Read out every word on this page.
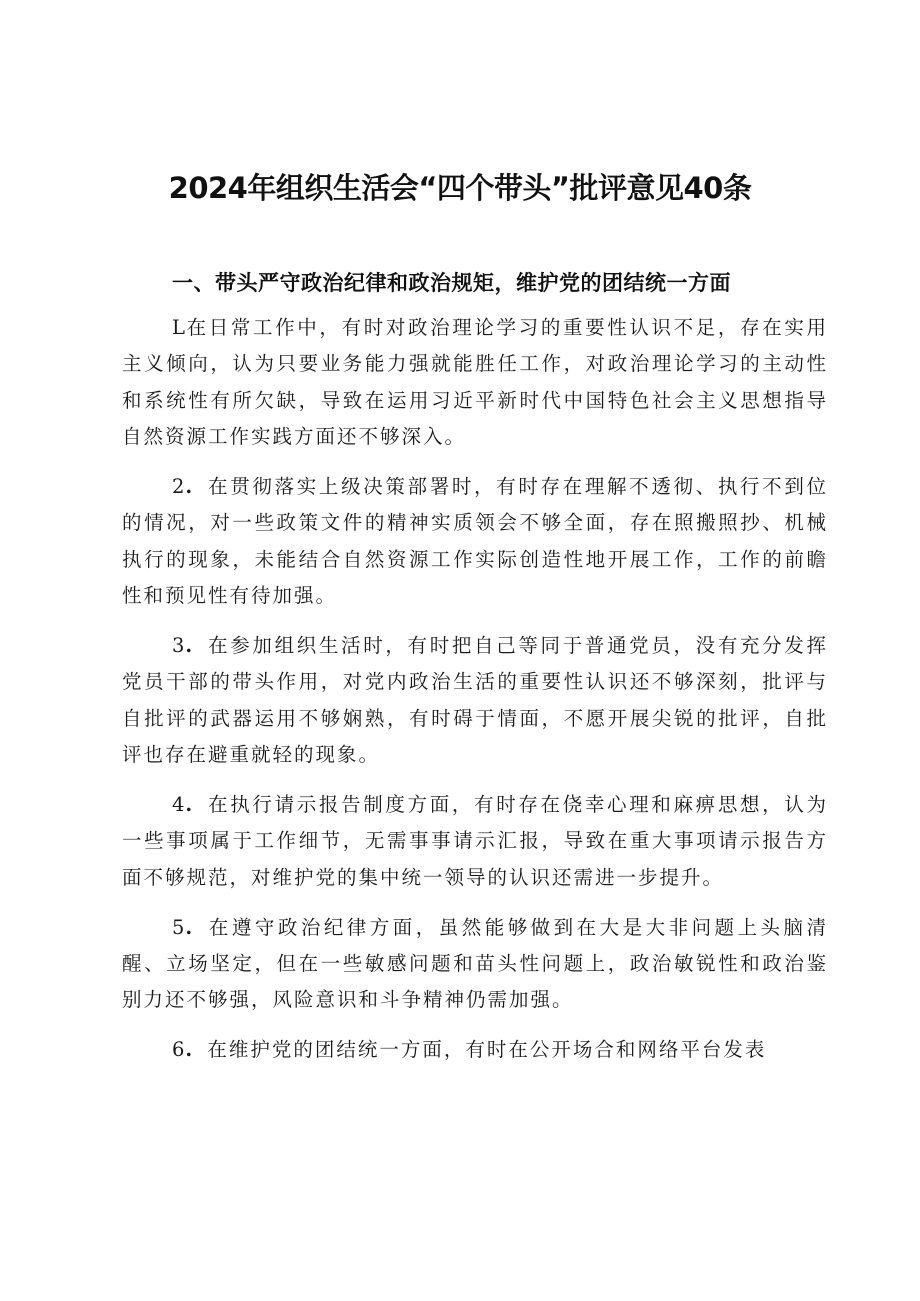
2024年组织生活会“四个带头”批评意见40条
一、带头严守政治纪律和政治规矩，维护党的团结统一方面

L在日常工作中，有时对政治理论学习的重要性认识不足，存在实用主义倾向，认为只要业务能力强就能胜任工作，对政治理论学习的主动性和系统性有所欠缺，导致在运用习近平新时代中国特色社会主义思想指导自然资源工作实践方面还不够深入。

2. 在贯彻落实上级决策部署时，有时存在理解不透彻、执行不到位的情况，对一些政策文件的精神实质领会不够全面，存在照搬照抄、机械执行的现象，未能结合自然资源工作实际创造性地开展工作，工作的前瞻性和预见性有待加强。

3. 在参加组织生活时，有时把自己等同于普通党员，没有充分发挥党员干部的带头作用，对党内政治生活的重要性认识还不够深刻，批评与自批评的武器运用不够娴熟，有时碍于情面，不愿开展尖锐的批评，自批评也存在避重就轻的现象。

4. 在执行请示报告制度方面，有时存在侥幸心理和麻痹思想，认为一些事项属于工作细节，无需事事请示汇报，导致在重大事项请示报告方面不够规范，对维护党的集中统一领导的认识还需进一步提升。

5. 在遵守政治纪律方面，虽然能够做到在大是大非问题上头脑清醒、立场坚定，但在一些敏感问题和苗头性问题上，政治敏锐性和政治鉴别力还不够强，风险意识和斗争精神仍需加强。

6. 在维护党的团结统一方面，有时在公开场合和网络平台发表
